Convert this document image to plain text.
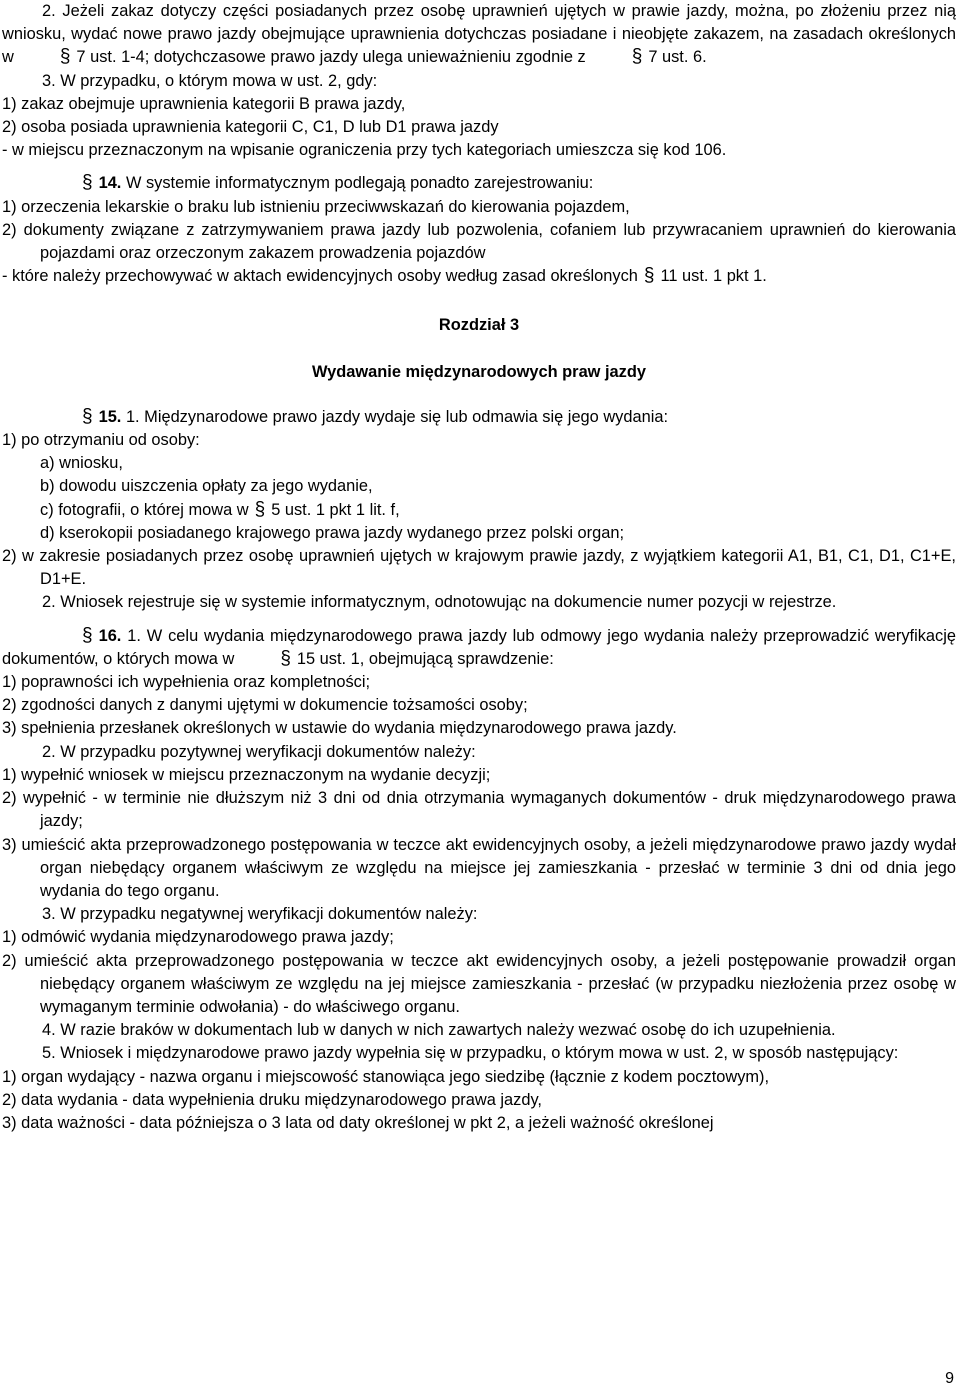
2. Jeżeli zakaz dotyczy części posiadanych przez osobę uprawnień ujętych w prawie jazdy, można, po złożeniu przez nią wniosku, wydać nowe prawo jazdy obejmujące uprawnienia dotychczas posiadane i nieobjęte zakazem, na zasadach określonych w § 7 ust. 1-4; dotychczasowe prawo jazdy ulega unieważnieniu zgodnie z § 7 ust. 6.

3. W przypadku, o którym mowa w ust. 2, gdy:

1) zakaz obejmuje uprawnienia kategorii B prawa jazdy,

2) osoba posiada uprawnienia kategorii C, C1, D lub D1 prawa jazdy

- w miejscu przeznaczonym na wpisanie ograniczenia przy tych kategoriach umieszcza się kod 106.

§ 14. W systemie informatycznym podlegają ponadto zarejestrowaniu:

1) orzeczenia lekarskie o braku lub istnieniu przeciwwskazań do kierowania pojazdem,

2) dokumenty związane z zatrzymywaniem prawa jazdy lub pozwolenia, cofaniem lub przywracaniem uprawnień do kierowania pojazdami oraz orzeczonym zakazem prowadzenia pojazdów

- które należy przechowywać w aktach ewidencyjnych osoby według zasad określonych § 11 ust. 1 pkt 1.

Rozdział 3

Wydawanie międzynarodowych praw jazdy

§ 15. 1. Międzynarodowe prawo jazdy wydaje się lub odmawia się jego wydania:

1) po otrzymaniu od osoby:

a) wniosku,

b) dowodu uiszczenia opłaty za jego wydanie,

c) fotografii, o której mowa w § 5 ust. 1 pkt 1 lit. f,

d) kserokopii posiadanego krajowego prawa jazdy wydanego przez polski organ;

2) w zakresie posiadanych przez osobę uprawnień ujętych w krajowym prawie jazdy, z wyjątkiem kategorii A1, B1, C1, D1, C1+E, D1+E.

2. Wniosek rejestruje się w systemie informatycznym, odnotowując na dokumencie numer pozycji w rejestrze.

§ 16. 1. W celu wydania międzynarodowego prawa jazdy lub odmowy jego wydania należy przeprowadzić weryfikację dokumentów, o których mowa w § 15 ust. 1, obejmującą sprawdzenie:

1) poprawności ich wypełnienia oraz kompletności;

2) zgodności danych z danymi ujętymi w dokumencie tożsamości osoby;

3) spełnienia przesłanek określonych w ustawie do wydania międzynarodowego prawa jazdy.

2. W przypadku pozytywnej weryfikacji dokumentów należy:

1) wypełnić wniosek w miejscu przeznaczonym na wydanie decyzji;

2) wypełnić - w terminie nie dłuższym niż 3 dni od dnia otrzymania wymaganych dokumentów - druk międzynarodowego prawa jazdy;

3) umieścić akta przeprowadzonego postępowania w teczce akt ewidencyjnych osoby, a jeżeli międzynarodowe prawo jazdy wydał organ niebędący organem właściwym ze względu na miejsce jej zamieszkania - przesłać w terminie 3 dni od dnia jego wydania do tego organu.

3. W przypadku negatywnej weryfikacji dokumentów należy:

1) odmówić wydania międzynarodowego prawa jazdy;

2) umieścić akta przeprowadzonego postępowania w teczce akt ewidencyjnych osoby, a jeżeli postępowanie prowadził organ niebędący organem właściwym ze względu na jej miejsce zamieszkania - przesłać (w przypadku niezłożenia przez osobę w wymaganym terminie odwołania) - do właściwego organu.

4. W razie braków w dokumentach lub w danych w nich zawartych należy wezwać osobę do ich uzupełnienia.

5. Wniosek i międzynarodowe prawo jazdy wypełnia się w przypadku, o którym mowa w ust. 2, w sposób następujący:

1) organ wydający - nazwa organu i miejscowość stanowiąca jego siedzibę (łącznie z kodem pocztowym),

2) data wydania - data wypełnienia druku międzynarodowego prawa jazdy,

3) data ważności - data późniejsza o 3 lata od daty określonej w pkt 2, a jeżeli ważność określonej

9
